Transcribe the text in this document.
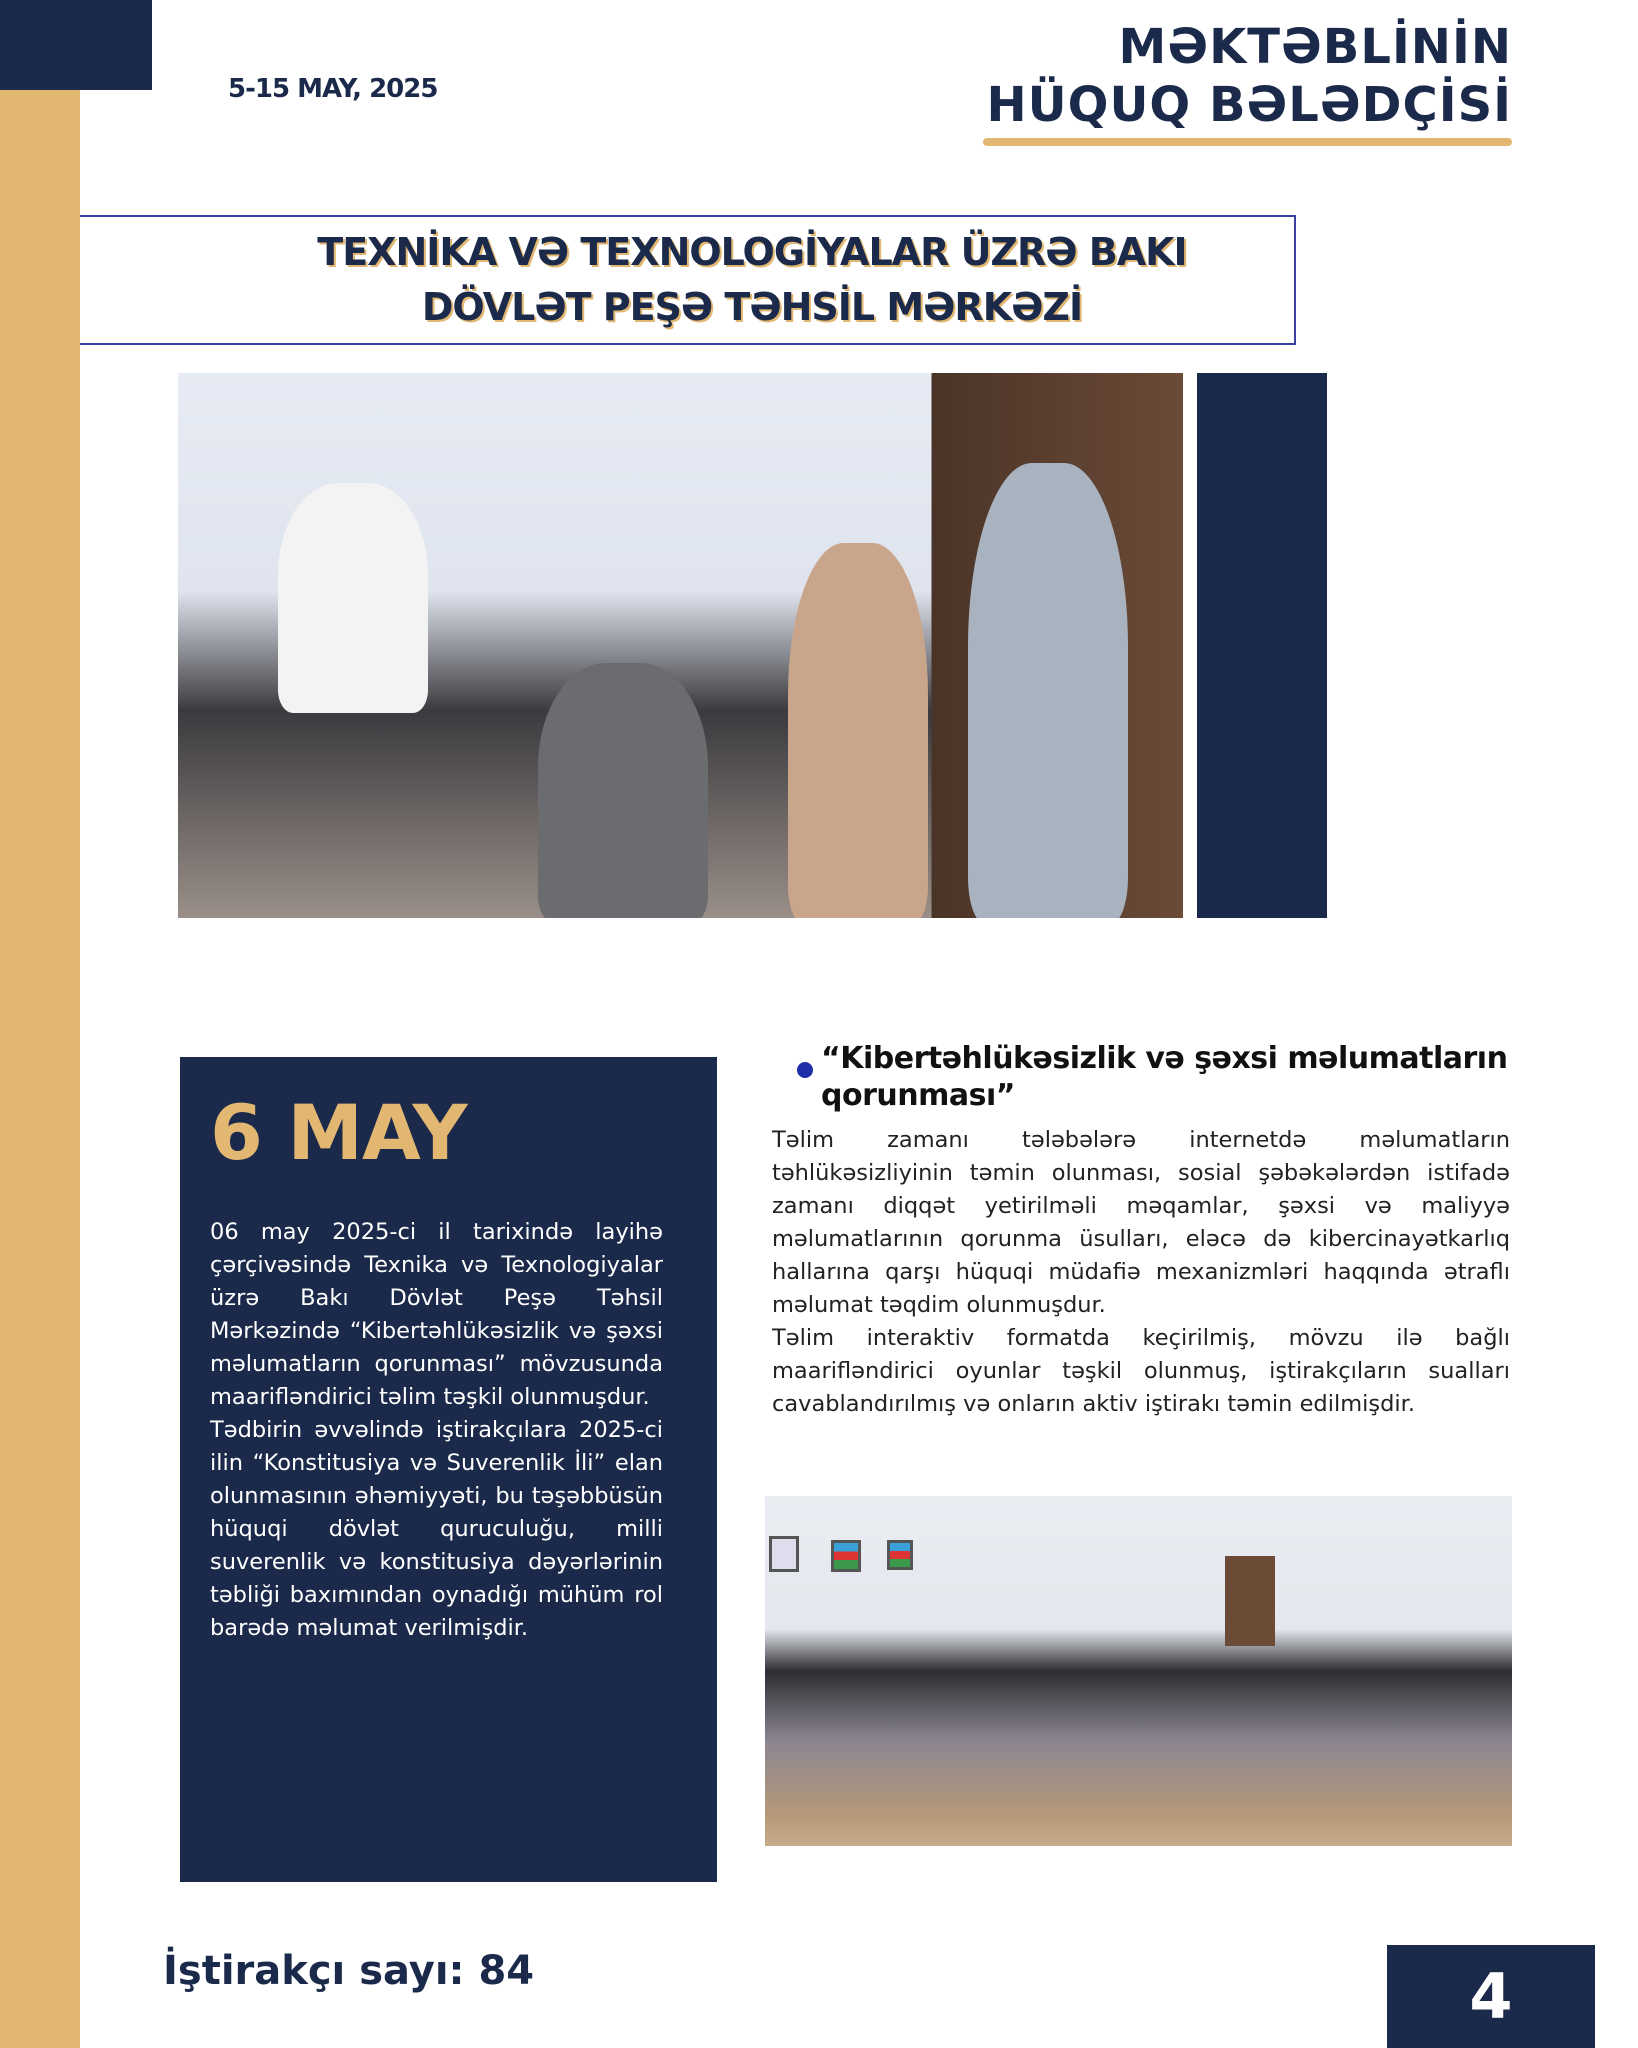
5-15 MAY, 2025
MƏKTƏBLİNİN
HÜQUQ BƏLƏDÇİSİ
TEXNİKA VƏ TEXNOLOGİYALAR ÜZRƏ BAKI
DÖVLƏT PEŞƏ TƏHSİL MƏRKƏZİ
6 MAY

06 may 2025-ci il tarixində layihə çərçivəsində Texnika və Texnologiyalar üzrə Bakı Dövlət Peşə Təhsil Mərkəzində “Kibertəhlükəsizlik və şəxsi məlumatların qorunması” mövzusunda maarifləndirici təlim təşkil olunmuşdur.

Tədbirin əvvəlində iştirakçılara 2025-ci ilin “Konstitusiya və Suverenlik İli” elan olunmasının əhəmiyyəti, bu təşəbbüsün hüquqi dövlət quruculuğu, milli suverenlik və konstitusiya dəyərlərinin təbliği baxımından oynadığı mühüm rol barədə məlumat verilmişdir.

“Kibertəhlükəsizlik və şəxsi məlumatların qorunması”

Təlim zamanı tələbələrə internetdə məlumatların təhlükəsizliyinin təmin olunması, sosial şəbəkələrdən istifadə zamanı diqqət yetirilməli məqamlar, şəxsi və maliyyə məlumatlarının qorunma üsulları, eləcə də kibercinayətkarlıq hallarına qarşı hüquqi müdafiə mexanizmləri haqqında ətraflı məlumat təqdim olunmuşdur.

Təlim interaktiv formatda keçirilmiş, mövzu ilə bağlı maarifləndirici oyunlar təşkil olunmuş, iştirakçıların sualları cavablandırılmış və onların aktiv iştirakı təmin edilmişdir.

İştirakçı sayı: 84	4
